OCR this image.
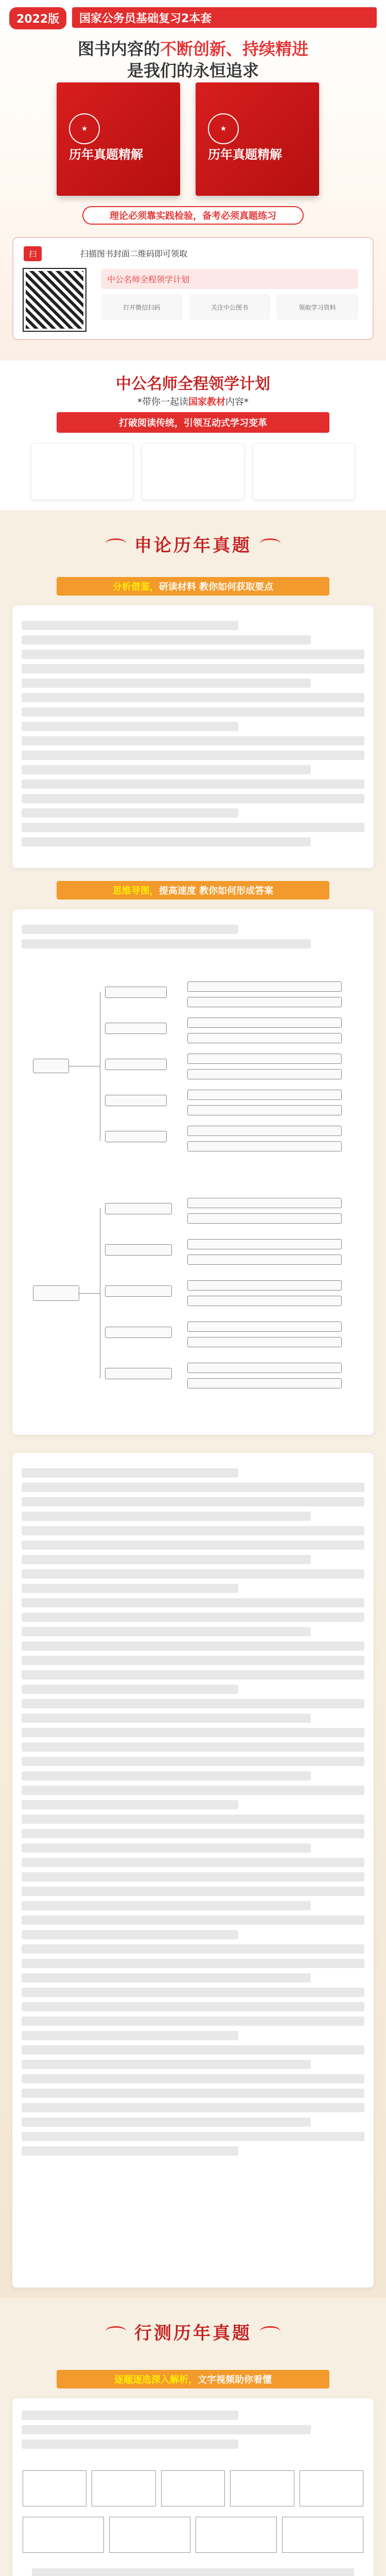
2022版	国家公务员基础复习2本套
图书内容的不断创新、持续精进
是我们的永恒追求
★
历年真题精解
★
历年真题精解
理论必须靠实践检验，备考必须真题练习
扫	扫描图书封面二维码即可领取
中公名师全程领学计划
打开微信扫码	关注中公图书	领取学习资料
中公名师全程领学计划
*带你一起读国家教材内容*
打破阅读传统，引领互动式学习变革
申论历年真题
分析借鉴， 研读材料 教你如何获取要点
思维导图， 提高速度 教你如何形成答案
行测历年真题
逐题逐选深入解析， 文字视频助你看懂
